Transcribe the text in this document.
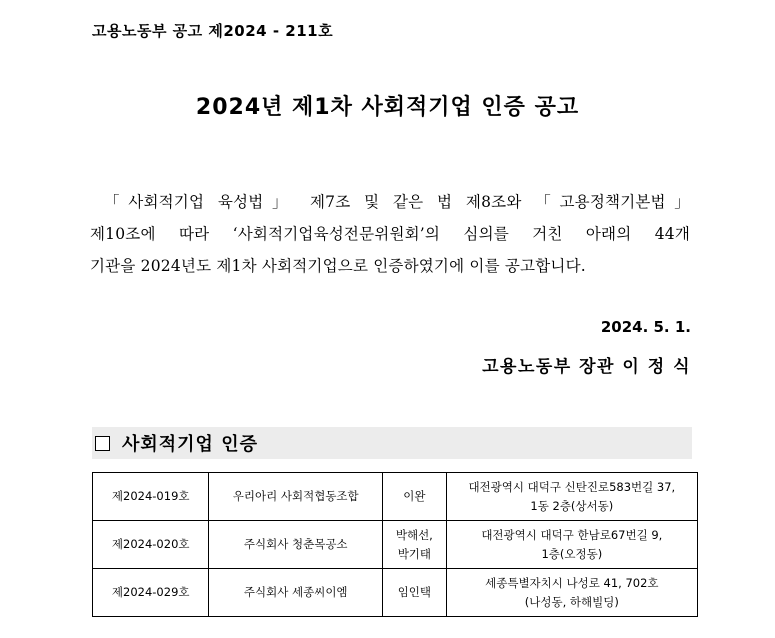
고용노동부 공고 제2024 - 211호
2024년 제1차 사회적기업 인증 공고
「사회적기업 육성법」 제7조 및 같은 법 제8조와 「고용정책기본법」
제10조에 따라 ‘사회적기업육성전문위원회’의 심의를 거친 아래의 44개
기관을 2024년도 제1차 사회적기업으로 인증하였기에 이를 공고합니다.
2024. 5. 1.
고용노동부 장관 이 정 식
사회적기업 인증
제2024-019호	우리아리 사회적협동조합	이완	대전광역시 대덕구 신탄진로583번길 37,
1동 2층(상서동)
제2024-020호	주식회사 청춘목공소	박해선,
박기태	대전광역시 대덕구 한남로67번길 9,
1층(오정동)
제2024-029호	주식회사 세종씨이엠	임인택	세종특별자치시 나성로 41, 702호
(나성동, 하해빌딩)
